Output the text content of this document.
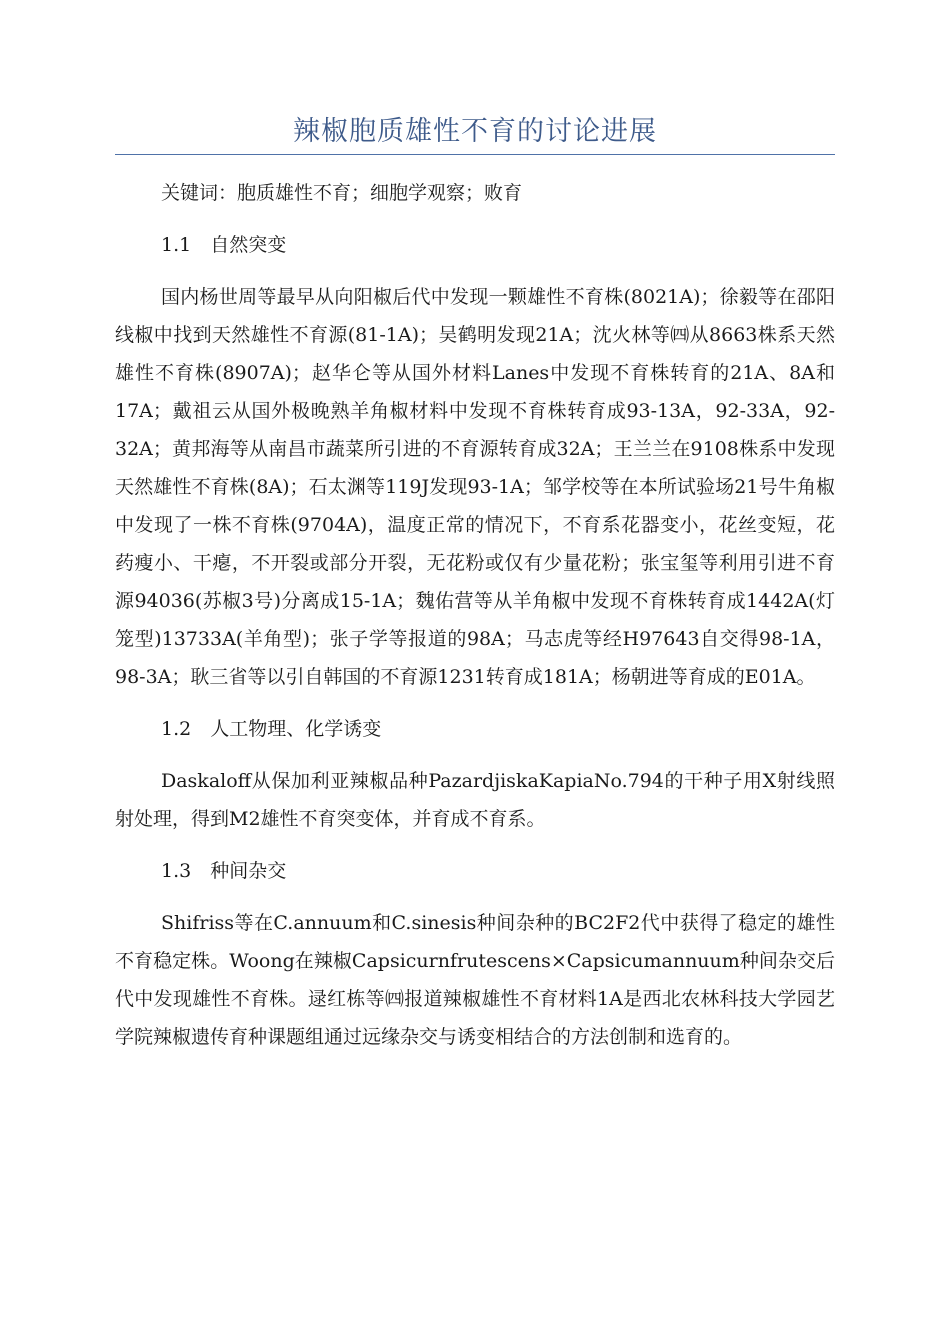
辣椒胞质雄性不育的讨论进展

关键词：胞质雄性不育；细胞学观察；败育

1.1　自然突变

国内杨世周等最早从向阳椒后代中发现一颗雄性不育株(8021A)；徐毅等在邵阳线椒中找到天然雄性不育源(81-1A)；吴鹤明发现21A；沈火林等㈣从8663株系天然雄性不育株(8907A)；赵华仑等从国外材料Lanes中发现不育株转育的21A、8A和17A；戴祖云从国外极晚熟羊角椒材料中发现不育株转育成93-13A，92-33A，92-32A；黄邦海等从南昌市蔬菜所引进的不育源转育成32A；王兰兰在9108株系中发现天然雄性不育株(8A)；石太渊等119J发现93-1A；邹学校等在本所试验场21号牛角椒中发现了一株不育株(9704A)，温度正常的情况下，不育系花器变小，花丝变短，花药瘦小、干瘪，不开裂或部分开裂，无花粉或仅有少量花粉；张宝玺等利用引进不育源94036(苏椒3号)分离成15-1A；魏佑营等从羊角椒中发现不育株转育成1442A(灯笼型)13733A(羊角型)；张子学等报道的98A；马志虎等经H97643自交得98-1A，98-3A；耿三省等以引自韩国的不育源1231转育成181A；杨朝进等育成的E01A。

1.2　人工物理、化学诱变

Daskaloff从保加利亚辣椒品种PazardjiskaKapiaNo.794的干种子用X射线照射处理，得到M2雄性不育突变体，并育成不育系。

1.3　种间杂交

Shifriss等在C.annuum和C.sinesis种间杂种的BC2F2代中获得了稳定的雄性不育稳定株。Woong在辣椒Capsicurnfrutescens×Capsicumannuum种间杂交后代中发现雄性不育株。逯红栋等㈣报道辣椒雄性不育材料1A是西北农林科技大学园艺学院辣椒遗传育种课题组通过远缘杂交与诱变相结合的方法创制和选育的。
